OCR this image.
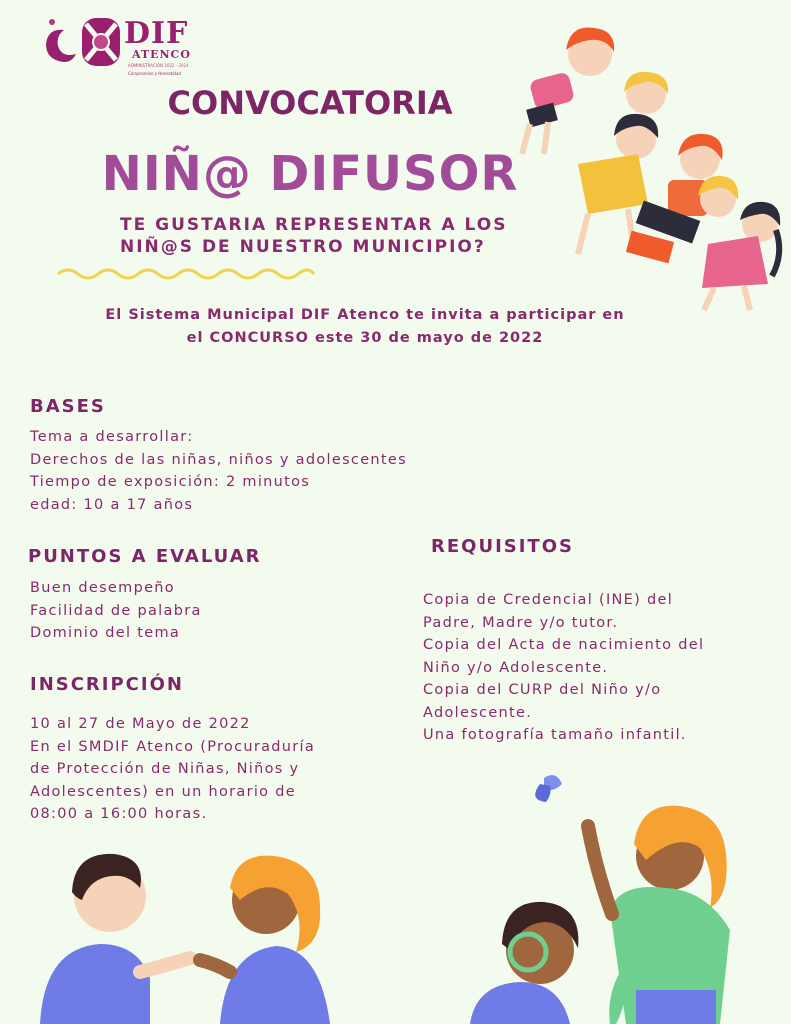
DIF
ATENCO
ADMINISTRACIÓN 2022 - 2024
Compromiso y Honestidad
CONVOCATORIA
NIÑ@ DIFUSOR
TE GUSTARIA REPRESENTAR A LOS
NIÑ@S DE NUESTRO MUNICIPIO?
El Sistema Municipal DIF Atenco te invita a participar en
el CONCURSO este 30 de mayo de 2022
BASES
Tema a desarrollar:
Derechos de las niñas, niños y adolescentes
Tiempo de exposición: 2 minutos
edad: 10 a 17 años
PUNTOS A EVALUAR
Buen desempeño
Facilidad de palabra
Dominio del tema
INSCRIPCIÓN
10 al 27 de Mayo de 2022
En el SMDIF Atenco (Procuraduría
de Protección de Niñas, Niños y
Adolescentes) en un horario de
08:00 a 16:00 horas.
REQUISITOS
Copia de Credencial (INE) del
Padre, Madre y/o tutor.
Copia del Acta de nacimiento del
Niño y/o Adolescente.
Copia del CURP del Niño y/o
Adolescente.
Una fotografía tamaño infantil.
